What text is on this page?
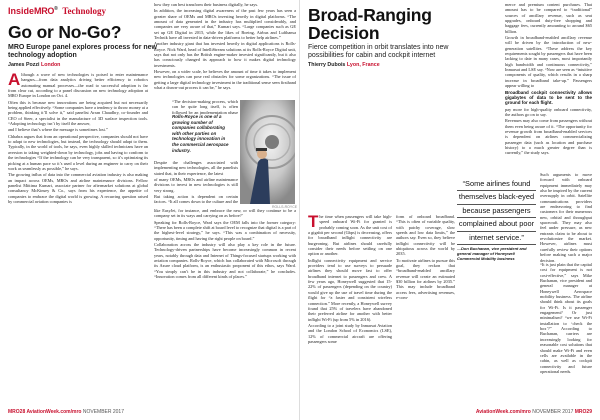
InsideMRO® Technology
Go or No-Go?
MRO Europe panel explores process for new technology adoption
James Pozzi London

Although a wave of new technologies is poised to enter maintenance hangars—from data analytics driving better efficiency to robotics automating manual processes—the road to successful adoption is far from clear cut, according to a panel discussion on new technology adoption at MRO Europe in London on Oct. 4.

Often this is because new innovations are being acquired but not necessarily being applied effectively. “Some companies have a tendency to throw money at a problem, thinking it’ll solve it,” said panelist Arran Chaudhry, co-founder and CEO of Steer, a specialist in the manufacture of 3D surface inspection tools. “Adopting technology isn’t by itself the answer,

and I believe that’s where the message is sometimes lost.”

Chhabra argues that from an operational perspective, companies should not have to adapt to new technologies, but instead, the technology should adapt to them. Typically, in the world of tools, he says, even highly skilled technicians have an aversion to taking weighted-down by technology, jobs and having to conform to the technologies “If the technology can be very transparent, so it’s optimizing its picking at a human pace so it’s used a level during an engineer to carry on their work as seamlessly as possible,” he says.

The growing influx of data into the commercial aviation industry is also making an impact across OEMs, MROs and airline maintenance divisions. Fellow panelist Mittima Kumari, associate partner for aftermarket solutions at global consultancy McKinsey & Co., says from his experience, the appetite of companies to embrace the digital world is growing. A recurring question raised by commercial aviation companies is

how they can best transform their business digitally, he says.

In addition, the increasing digital awareness of the past few years has seen a greater share of OEMs and MROs investing heavily in digital platforms. “The amount of data generated in the industry has multiplied considerably, and companies are very aware of that,” Kumari says. “Large companies such as GE set up GE Digital in 2015, while the likes of Boeing, Airbus and Lufthansa Technik have all invested in data-driven platforms to better help airlines.”

Another industry giant that has invested heavily in digital applications is Rolls-Royce. Nick Ward, head of IntelliStream solutions at its Rolls-Royce Digital unit, says that not only has the British engine-maker invested significantly, but it also has consciously changed its approach to how it makes digital technology investments.

However, on a wider scale, he believes the amount of time it takes to implement new technologies can pose real obstacles for some organizations. “The issue of getting a large digital technology investment in the traditional sense seen firsthand what a drawn-out process it can be,” he says.

“The decision-making process, which can be quite long itself, is often followed by an implementation phase

Rolls-Royce is one of a growing number of companies collaborating with other parties on technology innovation in the commercial aerospace industry.

Despite the challenges associated with implementing new technologies, all the panelists stated that, in their experience, the latest

of many OEMs, MROs and airline maintenance divisions to invest in new technologies is still very strong.

But taking action is dependent on certain factors. “It all comes down to the culture and the

ROLLS-ROYCE

like EasyJet, for instance, and embrace the new, or will they continue to be a company set in its ways and carrying on as before?’

Speaking for Rolls-Royce, Ward says the OEM falls into the former category: “There has been a complete shift at board level to recognize that digital is a part of the highest-level strategy,” he says. “This was a combination of necessity, opportunity, timing and having the right people on board.”

Collaboration across the industry will also play a key role in the future. Technology-driven partnerships have become increasingly common in recent years, notably through data and Internet of Things-focused startups working with aviation companies. Rolls-Royce, which has collaborated with Microsoft through its Azure cloud platform, is an enthusiastic proponent of this ethos, says Ward. “You simply can’t be in this industry and not collaborate,” he concludes. “Innovation comes from all different kinds of places.”

MRO28 AviationWeek.com/mro NOVEMBER 2017
Broad-Ranging
Decision
Fierce competition in orbit translates into new possibilities for cabin and cockpit internet
Thierry Dubois Lyon, France

The time when passengers will take high-speed onboard Wi-Fi for granted is probably coming soon. As the unit cost of a gigabit per second (Gbps) is decreasing, offers for broadband inflight connectivity are burgeoning. But airlines should carefully consider their needs before settling on one option or another.

Inflight connectivity equipment and service providers tend to use surveys to persuade airlines they should move fast to offer broadband internet to passengers and crew. A few years ago, Honeywell suggested that 15-22% of passengers (depending on the country) would give up the use of travel time during the flight for “a faster and consistent wireless connection.” More recently, a Honeywell survey found that 25% of travelers have abandoned their preferred airline for another with better inflight Wi-Fi (up from 5% in 2016).

According to a joint study by Inmarsat Aviation and the London School of Economics (LSE), 12% of commercial aircraft are offering passengers some

form of onboard broadband. “This is often of variable quality, with patchy coverage, slow speeds and low data limits,” the authors say. Even so, they believe inflight connectivity will be ubiquitous across the world by 2035.

To motivate airlines to pursue this goal, they reckon that “broadband-enabled ancillary revenue will create an estimated $30 billion for airlines by 2035.” This may include broadband access fees, advertising revenues, e-com-

merce and premium content purchases. That amount has to be compared to “traditional” sources of ancillary revenue, such as seat upgrades, onboard duty-free shopping and baggage fees, currently amounting to around $65 billion.

Growth in broadband-enabled ancillary revenue will be driven by the introduction of new-generation satellites. “These address the key requirements sought by passengers that have been lacking to date in many cases, most importantly high bandwidth and continuous connectivity,” Inmarsat and LSE say. “Now are seen as “intuitive components of quality, which results in a sharp increase in broadband take-up.” Passengers appear willing to

Broadband cockpit connectivity allows gigabytes of data to be sent to the ground for each flight.

pay more for high-quality onboard connectivity, the authors go on to say.

Revenues may also come from passengers without them even being aware of it. “The opportunity for revenue growth from broadband-enabled services is dependent on airlines commercializing passenger data (such as location and purchase history) to a much greater degree than is currently,” the study says.

Such arguments to move forward with onboard equipment immediately may also be inspired by the current oversupply in orbit. Satellite communications providers are endeavoring to find customers for their numerous new, orbital and throughput spacecraft. They may also feel under pressure, as new entrants claim to be about to revolutionize the market. However, airlines must carefully review their options before making such a major decision.

“It is just plain that the capital cost for equipment is not cost-effective,” says Mike Buchanan, vice president and general manager at Honeywell Aerospace mobility business. The airline should think about its goals for Wi-Fi. Is it passenger engagement? Or just minimalism? “we use Wi-Fi installation to ‘check the box’?” According to Buchanan, carriers are increasingly looking for reasonable cost solutions that should make Wi-Fi and even cells are available in the cabin, as well as cockpit connectivity and future operational needs.

AviationWeek.com/mro NOVEMBER 2017 MRO29
“Some airlines found
themselves black-eyed
because passengers
complained about poor
internet service.”
—Don Buchanan, vice president and general manager of Honeywell Commercial Mobility business
